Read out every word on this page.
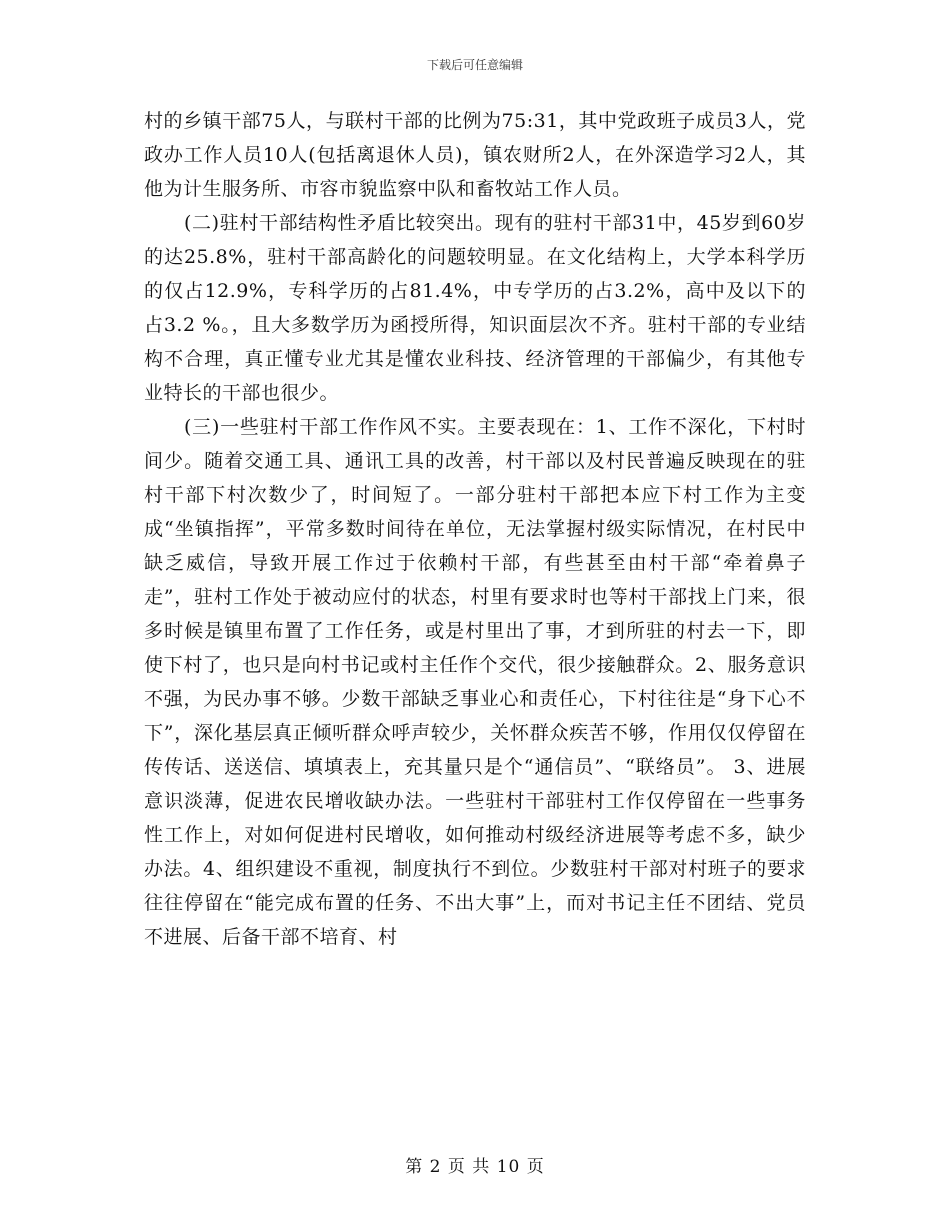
下载后可任意编辑

村的乡镇干部75人，与联村干部的比例为75:31，其中党政班子成员3人，党政办工作人员10人(包括离退休人员)，镇农财所2人，在外深造学习2人，其他为计生服务所、市容市貌监察中队和畜牧站工作人员。

(二)驻村干部结构性矛盾比较突出。现有的驻村干部31中，45岁到60岁的达25.8%，驻村干部高龄化的问题较明显。在文化结构上，大学本科学历的仅占12.9%，专科学历的占81.4%，中专学历的占3.2%，高中及以下的占3.2 %。，且大多数学历为函授所得，知识面层次不齐。驻村干部的专业结构不合理，真正懂专业尤其是懂农业科技、经济管理的干部偏少，有其他专业特长的干部也很少。

(三)一些驻村干部工作作风不实。主要表现在：1、工作不深化，下村时间少。随着交通工具、通讯工具的改善，村干部以及村民普遍反映现在的驻村干部下村次数少了，时间短了。一部分驻村干部把本应下村工作为主变成“坐镇指挥”，平常多数时间待在单位，无法掌握村级实际情况，在村民中缺乏威信，导致开展工作过于依赖村干部，有些甚至由村干部“牵着鼻子走”，驻村工作处于被动应付的状态，村里有要求时也等村干部找上门来，很多时候是镇里布置了工作任务，或是村里出了事，才到所驻的村去一下，即使下村了，也只是向村书记或村主任作个交代，很少接触群众。2、服务意识不强，为民办事不够。少数干部缺乏事业心和责任心，下村往往是“身下心不下”，深化基层真正倾听群众呼声较少，关怀群众疾苦不够，作用仅仅停留在传传话、送送信、填填表上，充其量只是个“通信员”、“联络员”。 3、进展意识淡薄，促进农民增收缺办法。一些驻村干部驻村工作仅停留在一些事务性工作上，对如何促进村民增收，如何推动村级经济进展等考虑不多，缺少办法。4、组织建设不重视，制度执行不到位。少数驻村干部对村班子的要求往往停留在“能完成布置的任务、不出大事”上，而对书记主任不团结、党员不进展、后备干部不培育、村

第 2 页 共 10 页
